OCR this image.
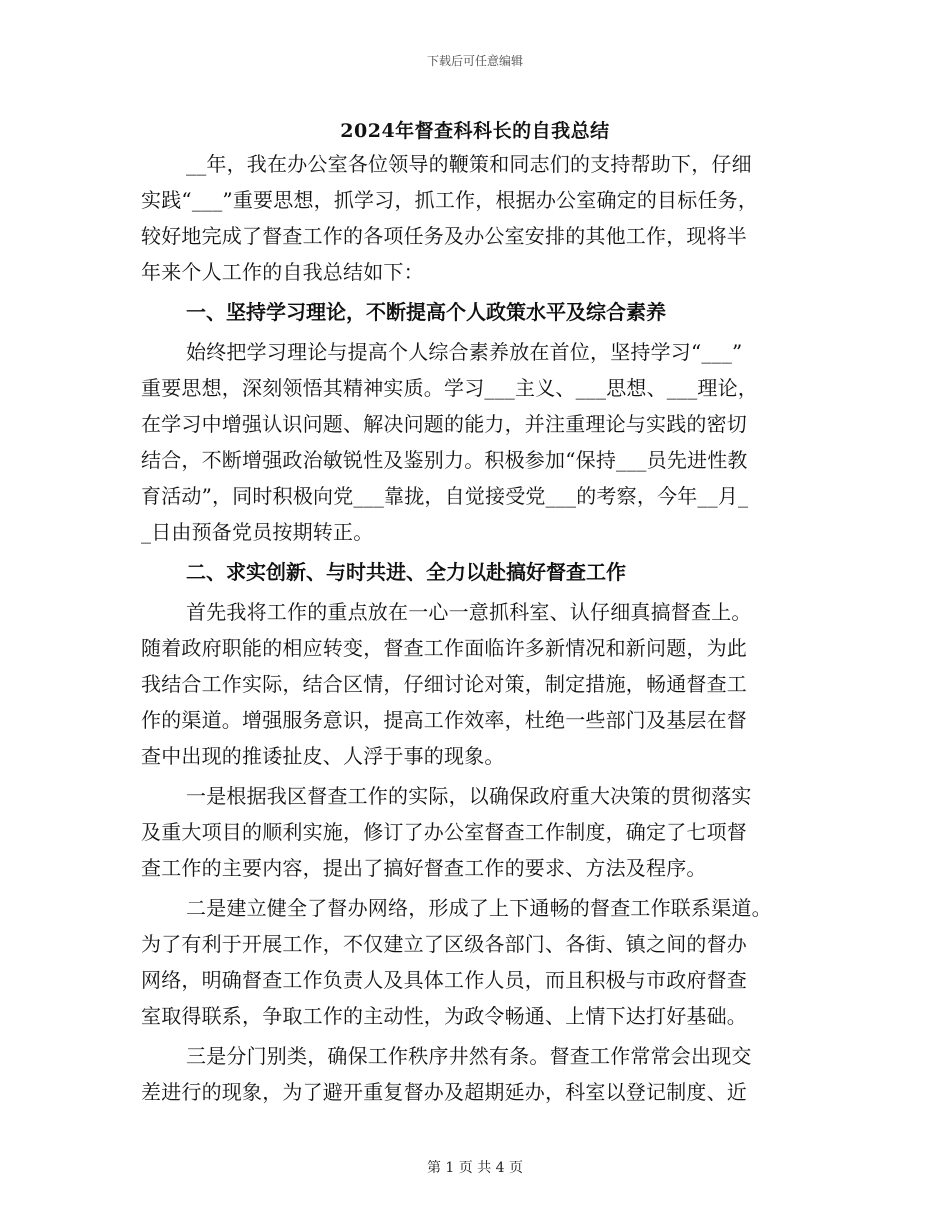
下载后可任意编辑
2024年督查科科长的自我总结
__年，我在办公室各位领导的鞭策和同志们的支持帮助下，仔细
实践“___”重要思想，抓学习，抓工作，根据办公室确定的目标任务，
较好地完成了督查工作的各项任务及办公室安排的其他工作，现将半
年来个人工作的自我总结如下：
一、坚持学习理论，不断提高个人政策水平及综合素养
始终把学习理论与提高个人综合素养放在首位，坚持学习“___”
重要思想，深刻领悟其精神实质。学习___主义、___思想、___理论，
在学习中增强认识问题、解决问题的能力，并注重理论与实践的密切
结合，不断增强政治敏锐性及鉴别力。积极参加“保持___员先进性教
育活动”，同时积极向党___靠拢，自觉接受党___的考察，今年__月_
_日由预备党员按期转正。
二、求实创新、与时共进、全力以赴搞好督查工作
首先我将工作的重点放在一心一意抓科室、认仔细真搞督查上。
随着政府职能的相应转变，督查工作面临许多新情况和新问题，为此
我结合工作实际，结合区情，仔细讨论对策，制定措施，畅通督查工
作的渠道。增强服务意识，提高工作效率，杜绝一些部门及基层在督
查中出现的推诿扯皮、人浮于事的现象。
一是根据我区督查工作的实际，以确保政府重大决策的贯彻落实
及重大项目的顺利实施，修订了办公室督查工作制度，确定了七项督
查工作的主要内容，提出了搞好督查工作的要求、方法及程序。
二是建立健全了督办网络，形成了上下通畅的督查工作联系渠道。
为了有利于开展工作，不仅建立了区级各部门、各街、镇之间的督办
网络，明确督查工作负责人及具体工作人员，而且积极与市政府督查
室取得联系，争取工作的主动性，为政令畅通、上情下达打好基础。
三是分门别类，确保工作秩序井然有条。督查工作常常会出现交
差进行的现象，为了避开重复督办及超期延办，科室以登记制度、近
第 1 页 共 4 页
